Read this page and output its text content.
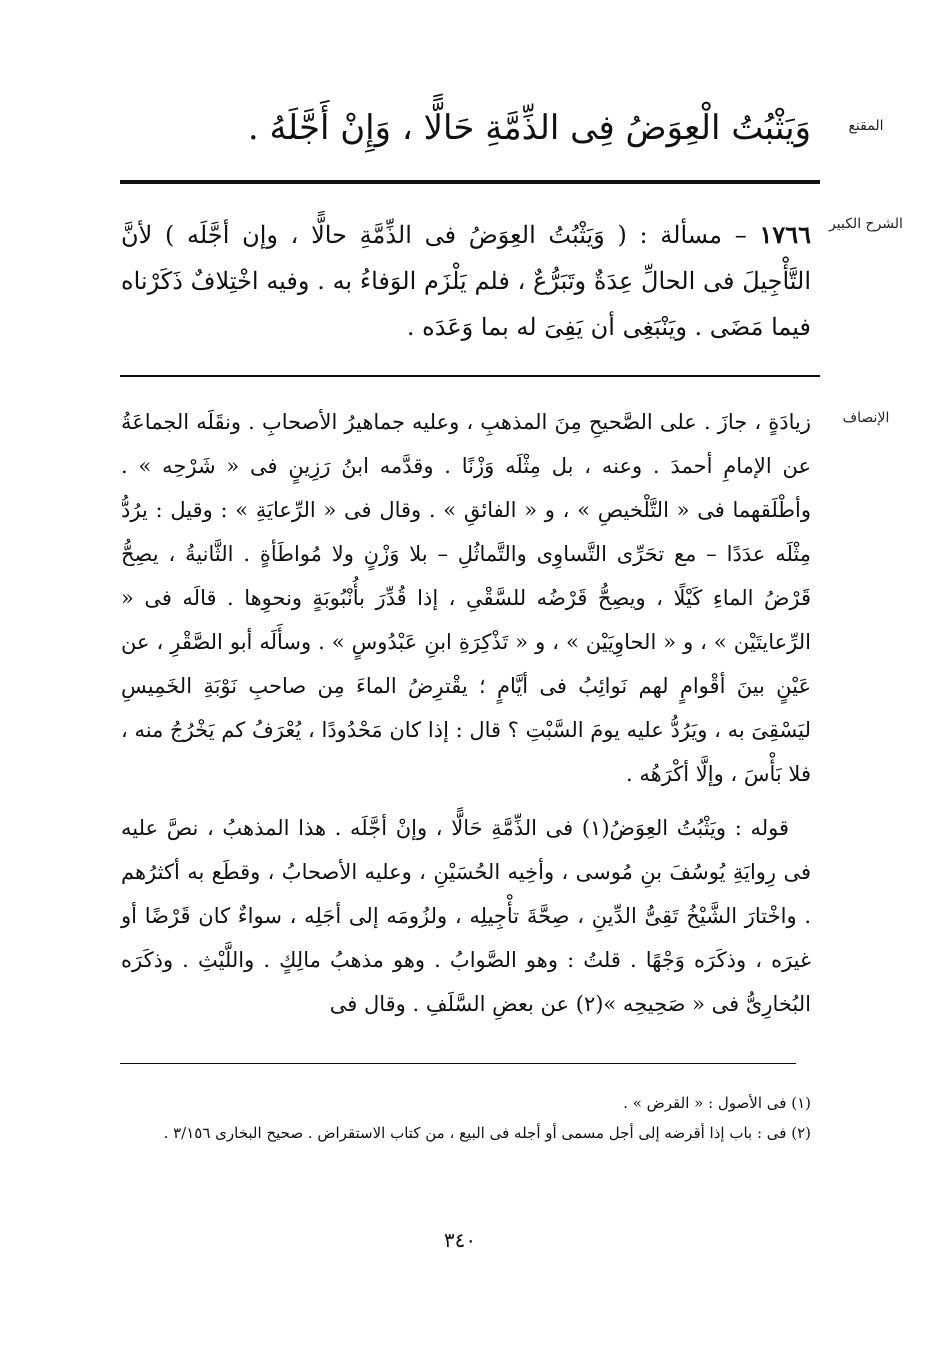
المقنع
وَيَثْبُتُ الْعِوَضُ فِى الذِّمَّةِ حَالًّا ، وَإِنْ أَجَّلَهُ .
الشرح الكبير
١٧٦٦ – مسألة : ( وَيَثْبُتُ العِوَضُ فى الذِّمَّةِ حالًّا ، وإن أجَّلَه ) لأنَّ التَّأْجِيلَ فى الحالِّ عِدَةٌ وتَبَرُّعٌ ، فلم يَلْزَم الوَفاءُ به . وفيه اخْتِلافٌ ذَكَرْناه فيما مَضَى . ويَنْبَغِى أن يَفِىَ له بما وَعَدَه .
الإنصاف

زيادَةٍ ، جازَ . على الصَّحيحِ مِنَ المذهبِ ، وعليه جماهيرُ الأصحابِ . ونقَلَه الجماعَةُ عن الإمامِ أحمدَ . وعنه ، بل مِثْلَه وَزْنًا . وقدَّمه ابنُ رَزِينٍ فى « شَرْحِه » . وأطْلَقهما فى « التَّلْخيصِ » ، و « الفائقِ » . وقال فى « الرِّعايَةِ » : وقيل : يرُدُّ مِثْلَه عدَدًا – مع تحَرِّى التَّساوِى والتَّماثُلِ – بلا وَزْنٍ ولا مُواطَأةٍ . الثَّانيةُ ، يصِحُّ قَرْضُ الماءِ كَيْلًا ، ويصِحُّ قَرْضُه للسَّقْىِ ، إذا قُدِّرَ بأُنْبُوبَةٍ ونحوِها . قالَه فى « الرِّعايتَيْن » ، و « الحاوِيَيْن » ، و « تَذْكِرَةِ ابنِ عَبْدُوسٍ » . وسأَلَه أبو الصَّقْرِ ، عن عَيْنٍ بينَ أقْوامٍ لهم نَوائِبُ فى أيَّامٍ ؛ يقْترِضُ الماءَ مِن صاحبِ نَوْبَةِ الخَمِيسِ ليَسْقِىَ به ، ويَرُدُّ عليه يومَ السَّبْتِ ؟ قال : إذا كان مَحْدُودًا ، يُعْرَفُ كم يَخْرُجُ منه ، فلا بَأْسَ ، وإلَّا أكْرَهُه .

قوله : ويَثْبُتُ العِوَضُ(١) فى الذِّمَّةِ حَالًّا ، وإنْ أجَّلَه . هذا المذهبُ ، نصَّ عليه فى رِوايَةِ يُوسُفَ بنِ مُوسى ، وأخِيه الحُسَيْنِ ، وعليه الأصحابُ ، وقطَع به أكثرُهم . واخْتارَ الشَّيْخُ تَقِىُّ الدِّينِ ، صِحَّةَ تأْجِيلِه ، ولزُومَه إلى أجَلِه ، سواءٌ كان قَرْضًا أو غيرَه ، وذكَرَه وَجْهًا . قلتُ : وهو الصَّوابُ . وهو مذهبُ مالِكٍ . واللَّيْثِ . وذكَرَه البُخارِىُّ فى « صَحِيحِه »(٢) عن بعضِ السَّلَفِ . وقال فى

(١) فى الأصول : « القرض » .
(٢) فى : باب إذا أقرضه إلى أجل مسمى أو أجله فى البيع ، من كتاب الاستقراض . صحيح البخارى ٣/١٥٦ .
٣٤٠
